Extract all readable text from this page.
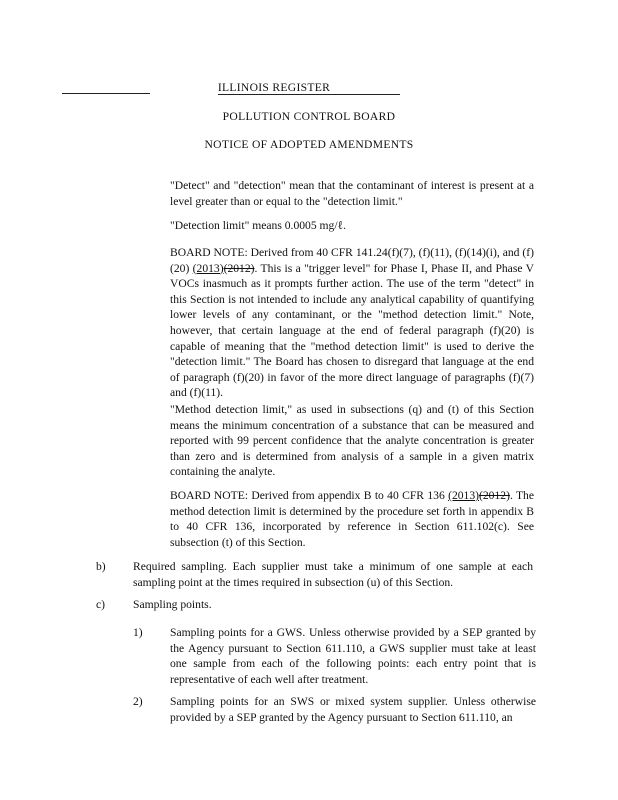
ILLINOIS REGISTER
POLLUTION CONTROL BOARD
NOTICE OF ADOPTED AMENDMENTS
"Detect" and "detection" mean that the contaminant of interest is present at a level greater than or equal to the "detection limit."
"Detection limit" means 0.0005 mg/ℓ.
BOARD NOTE: Derived from 40 CFR 141.24(f)(7), (f)(11), (f)(14)(i), and (f)(20) (2013)(2012). This is a "trigger level" for Phase I, Phase II, and Phase V VOCs inasmuch as it prompts further action. The use of the term "detect" in this Section is not intended to include any analytical capability of quantifying lower levels of any contaminant, or the "method detection limit." Note, however, that certain language at the end of federal paragraph (f)(20) is capable of meaning that the "method detection limit" is used to derive the "detection limit." The Board has chosen to disregard that language at the end of paragraph (f)(20) in favor of the more direct language of paragraphs (f)(7) and (f)(11).
"Method detection limit," as used in subsections (q) and (t) of this Section means the minimum concentration of a substance that can be measured and reported with 99 percent confidence that the analyte concentration is greater than zero and is determined from analysis of a sample in a given matrix containing the analyte.
BOARD NOTE: Derived from appendix B to 40 CFR 136 (2013)(2012). The method detection limit is determined by the procedure set forth in appendix B to 40 CFR 136, incorporated by reference in Section 611.102(c). See subsection (t) of this Section.
b)	Required sampling. Each supplier must take a minimum of one sample at each sampling point at the times required in subsection (u) of this Section.
c)	Sampling points.
1)	Sampling points for a GWS. Unless otherwise provided by a SEP granted by the Agency pursuant to Section 611.110, a GWS supplier must take at least one sample from each of the following points: each entry point that is representative of each well after treatment.
2)	Sampling points for an SWS or mixed system supplier. Unless otherwise provided by a SEP granted by the Agency pursuant to Section 611.110, an
